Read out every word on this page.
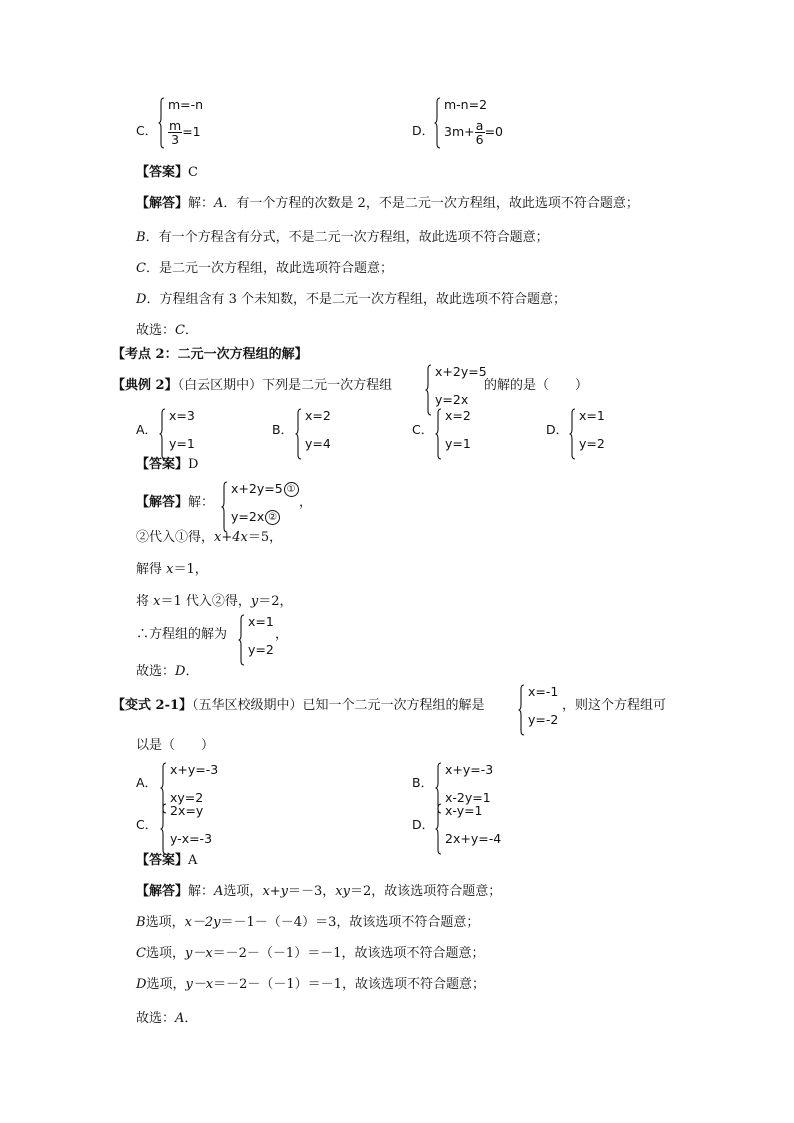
C．
m=-n
$\frac{m}{3} =1$	D．
m-n=2
$3m+ \frac{a}{6} =0$
【答案】C
【解答】解：A．有一个方程的次数是 2，不是二元一次方程组，故此选项不符合题意；
B．有一个方程含有分式，不是二元一次方程组，故此选项不符合题意；
C．是二元一次方程组，故此选项符合题意；
D．方程组含有 3 个未知数，不是二元一次方程组，故此选项不符合题意；
故选：C．
【考点 2：二元一次方程组的解】
【典例 2】（白云区期中）下列是二元一次方程组
x+2y=5
y=2x
的解的是（　　）
A．
x=3
y=1
B．
x=2
y=4
C．
x=2
y=1
D．
x=1
y=2
【答案】D
【解答】解：
x+2y=5 ①
y=2x ②
，
②代入①得，x+4x＝5，
解得 x＝1，
将 x＝1 代入②得，y＝2，
∴方程组的解为
x=1
y=2
，
故选：D．
【变式 2-1】（五华区校级期中）已知一个二元一次方程组的解是
x=-1
y=-2
，则这个方程组可
以是（　　）
A．
x+y=-3
xy=2
B．
x+y=-3
x-2y=1
C．
2x=y
y-x=-3
D．
x-y=1
2x+y=-4
【答案】A
【解答】解：A选项，x+y＝－3，xy＝2，故该选项符合题意；
B选项，x－2y＝－1－（－4）＝3，故该选项不符合题意；
C选项，y－x＝－2－（－1）＝－1，故该选项不符合题意；
D选项，y－x＝－2－（－1）＝－1，故该选项不符合题意；
故选：A．
